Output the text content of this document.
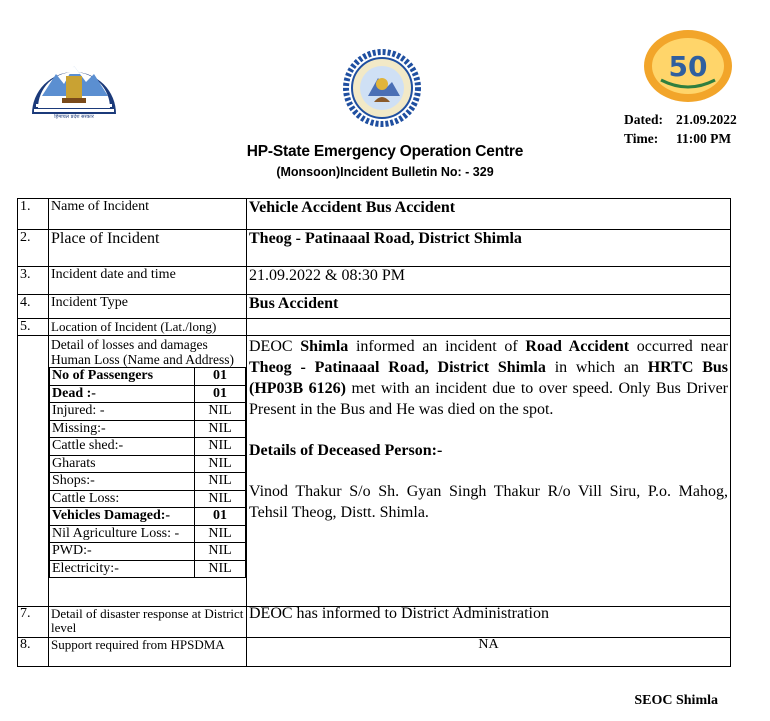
हिमाचल प्रदेश सरकार
50
Dated: 21.09.2022
Time:	11:00 PM
HP-State Emergency Operation Centre
(Monsoon)Incident Bulletin No: - 329
1.	Name of Incident	Vehicle Accident Bus Accident
2.	Place of Incident	Theog - Patinaaal Road, District Shimla
3.	Incident date and time	21.09.2022 & 08:30 PM
4.	Incident Type	Bus Accident
5.	Location of Incident (Lat./long)	

Detail of losses and damages Human Loss (Name and Address)
No of Passengers	01
Dead :-	01
Injured: -	NIL
Missing:-	NIL
Cattle shed:-	NIL
Gharats	NIL
Shops:-	NIL
Cattle Loss:	NIL
Vehicles Damaged:-	01
Nil Agriculture Loss: -	NIL
PWD:-	NIL
Electricity:-	NIL

DEOC Shimla informed an incident of Road Accident occurred near Theog - Patinaaal Road, District Shimla in which an HRTC Bus (HP03B 6126) met with an incident due to over speed. Only Bus Driver Present in the Bus and He was died on the spot.

Details of Deceased Person:-

Vinod Thakur S/o Sh. Gyan Singh Thakur R/o Vill Siru, P.o. Mahog, Tehsil Theog, Distt. Shimla.

7.	Detail of disaster response at District level	DEOC has informed to District Administration
8.	Support required from HPSDMA	NA
SEOC Shimla
